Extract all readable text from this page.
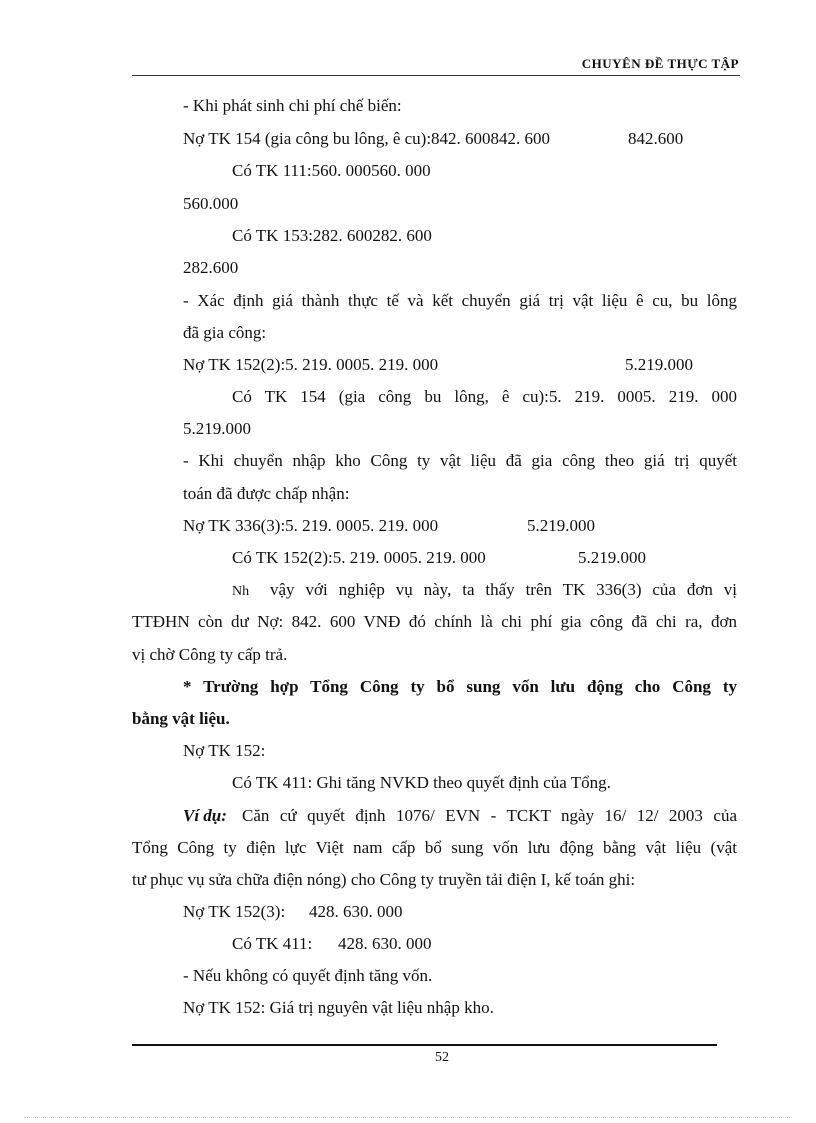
CHUYÊN ĐỀ THỰC TẬP
- Khi phát sinh chi phí chế biến:
Nợ TK 154 (gia công bu lông, ê cu):842. 600842. 600	842.600
Có TK 111:560. 000560. 000
560.000
Có TK 153:282. 600282. 600
282.600
- Xác định giá thành thực tế và kết chuyển giá trị vật liệu ê cu, bu lông
đã gia công:
Nợ TK 152(2):5. 219. 0005. 219. 000	5.219.000
Có TK 154 (gia công bu lông, ê cu):5. 219. 0005. 219. 000
5.219.000
- Khi chuyển nhập kho Công ty vật liệu đã gia công theo giá trị quyết
toán đã được chấp nhận:
Nợ TK 336(3):5. 219. 0005. 219. 000	5.219.000
Có TK 152(2):5. 219. 0005. 219. 000	5.219.000
Nh vậy với nghiệp vụ này, ta thấy trên TK 336(3) của đơn vị
TTĐHN còn dư Nợ: 842. 600 VNĐ đó chính là chi phí gia công đã chi ra, đơn
vị chờ Công ty cấp trả.
* Trường hợp Tổng Công ty bổ sung vốn lưu động cho Công ty
bằng vật liệu.
Nợ TK 152:
Có TK 411: Ghi tăng NVKD theo quyết định của Tổng.
Ví dụ: Căn cứ quyết định 1076/ EVN - TCKT ngày 16/ 12/ 2003 của
Tổng Công ty điện lực Việt nam cấp bổ sung vốn lưu động bằng vật liệu (vật
tư phục vụ sửa chữa điện nóng) cho Công ty truyền tải điện I, kế toán ghi:
Nợ TK 152(3): 428. 630. 000
Có TK 411: 428. 630. 000
- Nếu không có quyết định tăng vốn.
Nợ TK 152: Giá trị nguyên vật liệu nhập kho.
52
